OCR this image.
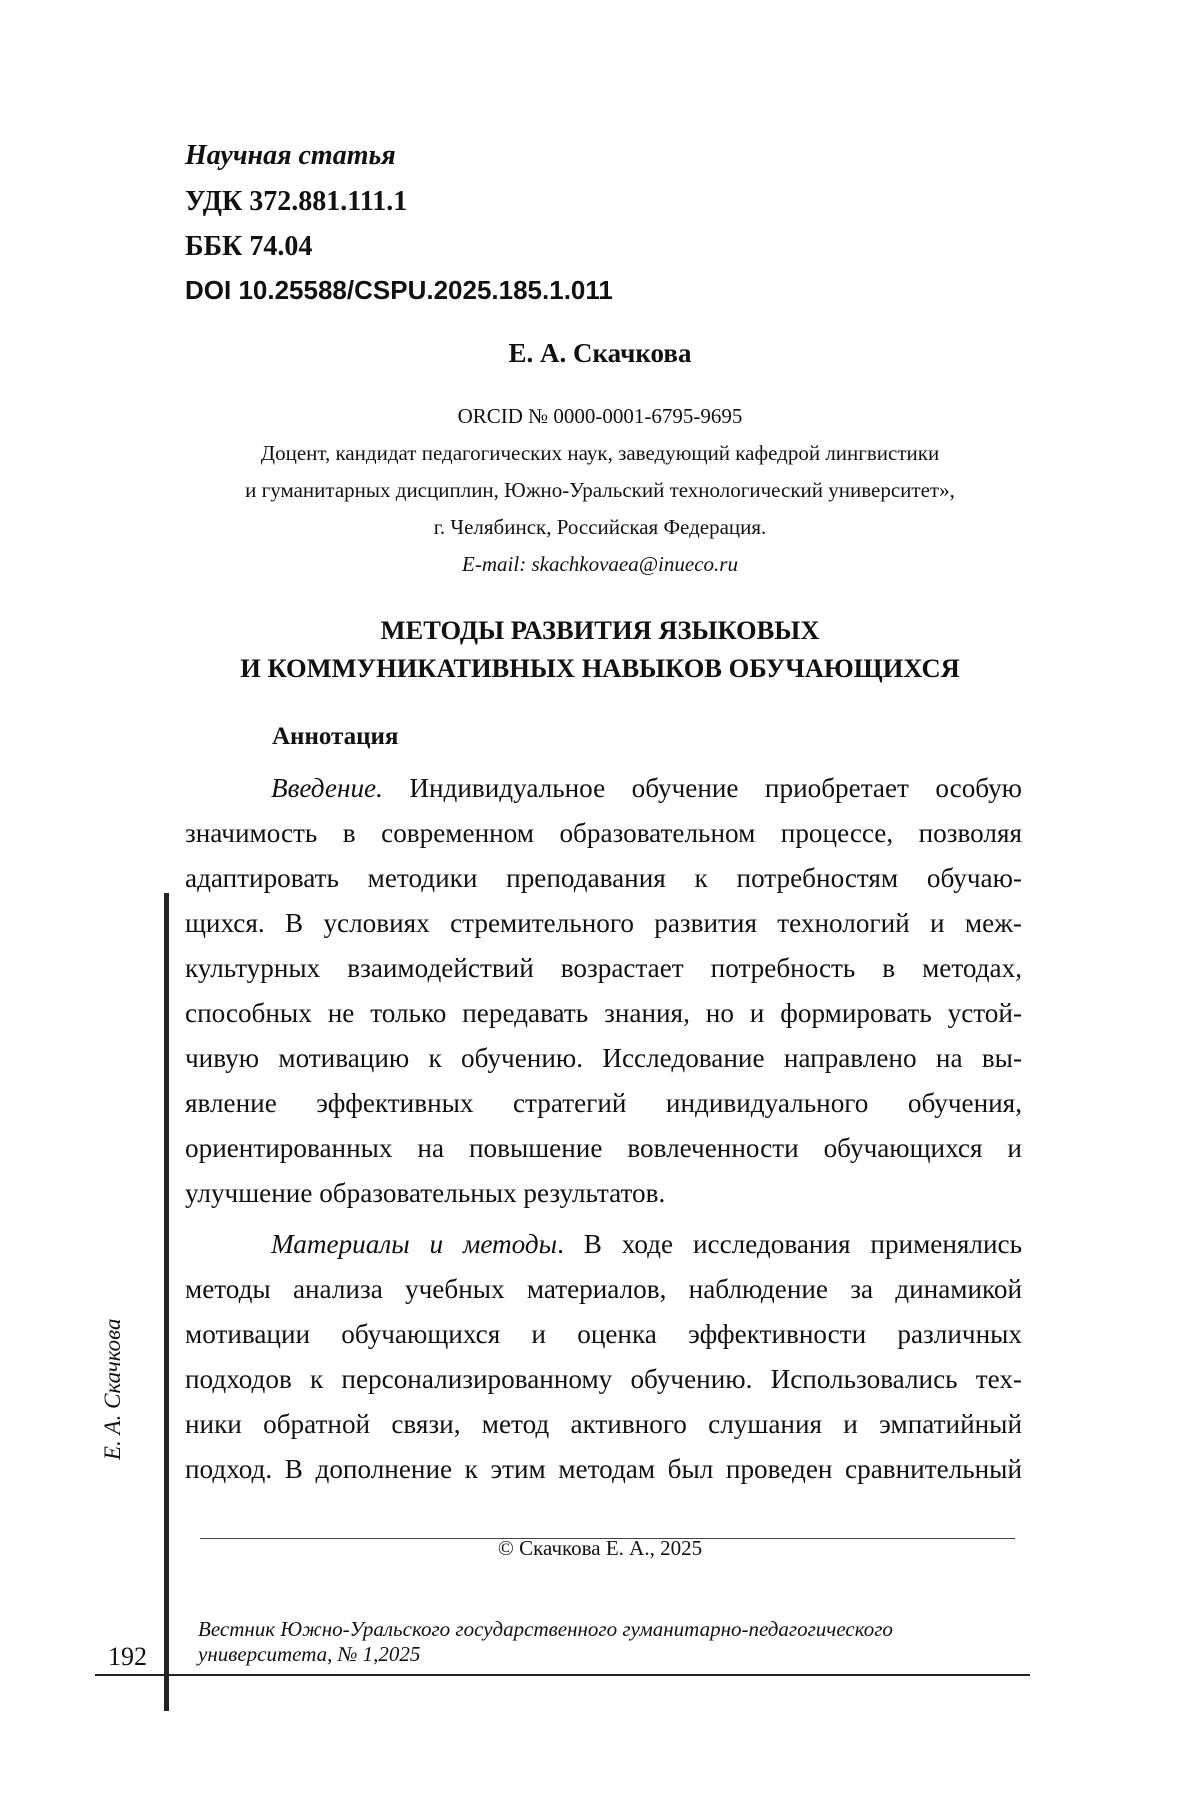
Научная статья
УДК 372.881.111.1
ББК 74.04
DOI 10.25588/CSPU.2025.185.1.011
Е. А. Скачкова
ORCID № 0000-0001-6795-9695
Доцент, кандидат педагогических наук, заведующий кафедрой лингвистики
и гуманитарных дисциплин, Южно-Уральский технологический университет»,
г. Челябинск, Российская Федерация.
E-mail: skachkovaea@inueco.ru
МЕТОДЫ РАЗВИТИЯ ЯЗЫКОВЫХ
И КОММУНИКАТИВНЫХ НАВЫКОВ ОБУЧАЮЩИХСЯ
Аннотация
Введение. Индивидуальное обучение приобретает особую
значимость в современном образовательном процессе, позволяя
адаптировать методики преподавания к потребностям обучаю-
щихся. В условиях стремительного развития технологий и меж-
культурных взаимодействий возрастает потребность в методах,
способных не только передавать знания, но и формировать устой-
чивую мотивацию к обучению. Исследование направлено на вы-
явление эффективных стратегий индивидуального обучения,
ориентированных на повышение вовлеченности обучающихся и
улучшение образовательных результатов.
Материалы и методы. В ходе исследования применялись
методы анализа учебных материалов, наблюдение за динамикой
мотивации обучающихся и оценка эффективности различных
подходов к персонализированному обучению. Использовались тех-
ники обратной связи, метод активного слушания и эмпатийный
подход. В дополнение к этим методам был проведен сравнительный
Е. А. Скачкова
© Скачкова Е. А., 2025
Вестник Южно-Уральского государственного гуманитарно-педагогического
университета, № 1,2025
192
